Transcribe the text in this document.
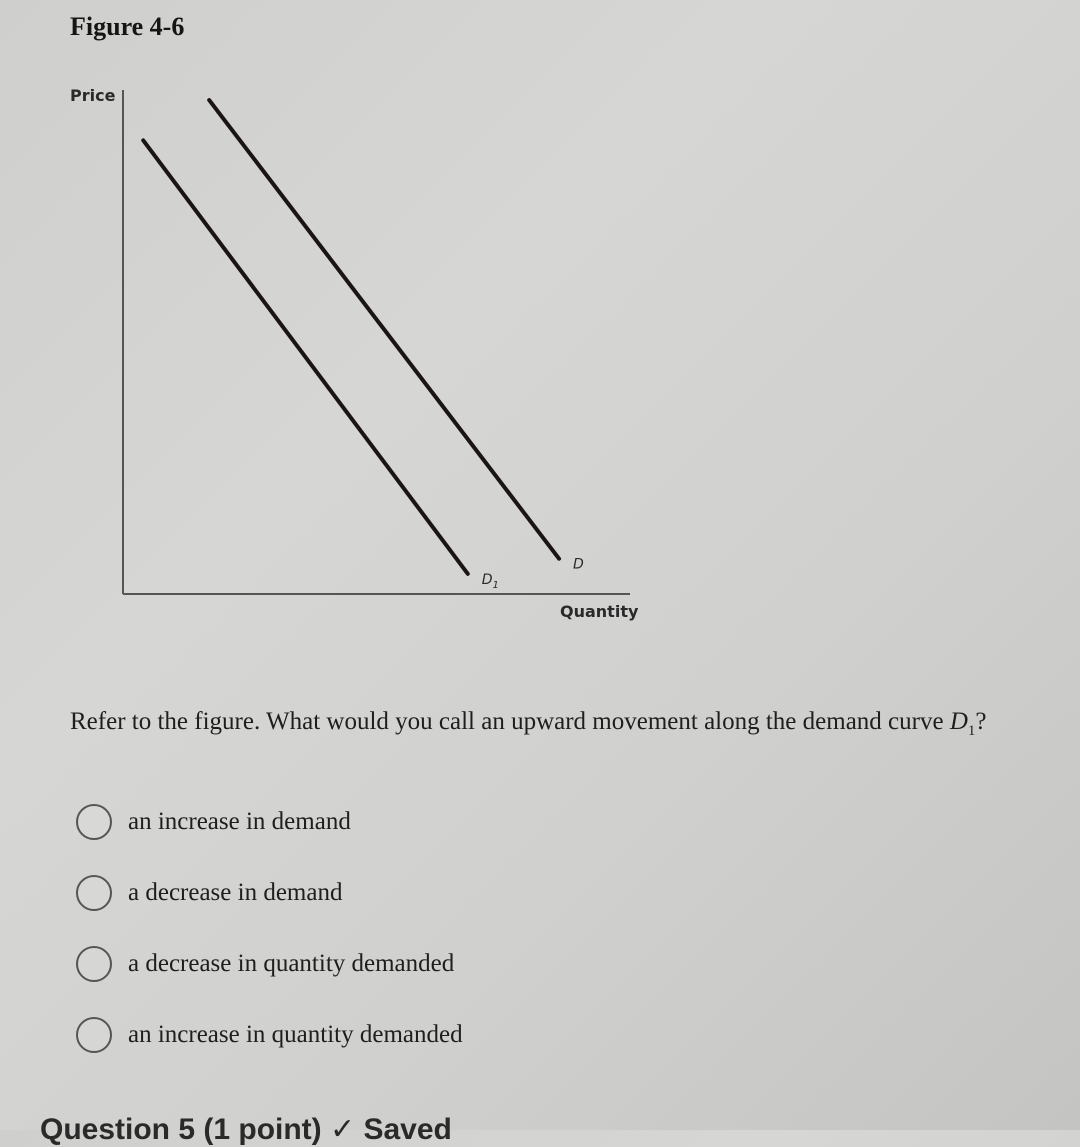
Figure 4-6
Price
Quantity
$D_1$
D
Refer to the figure. What would you call an upward movement along the demand curve $D_1$?
an increase in demand
a decrease in demand
a decrease in quantity demanded
an increase in quantity demanded
Question 5 (1 point) ✓ Saved
